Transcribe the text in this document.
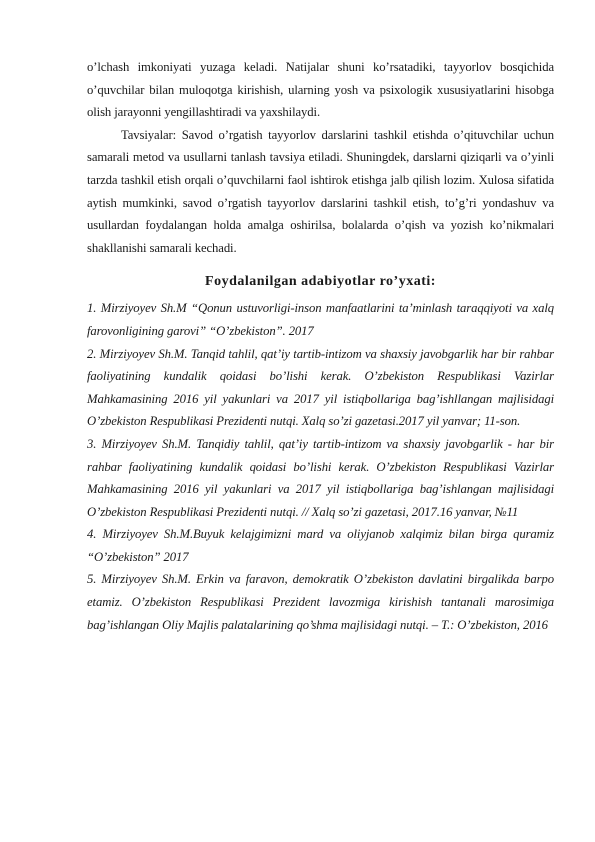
o’lchash imkoniyati yuzaga keladi. Natijalar shuni ko’rsatadiki, tayyorlov bosqichida o’quvchilar bilan muloqotga kirishish, ularning yosh va psixologik xususiyatlarini hisobga olish jarayonni yengillashtiradi va yaxshilaydi.

Tavsiyalar: Savod o’rgatish tayyorlov darslarini tashkil etishda o’qituvchilar uchun samarali metod va usullarni tanlash tavsiya etiladi. Shuningdek, darslarni qiziqarli va o’yinli tarzda tashkil etish orqali o’quvchilarni faol ishtirok etishga jalb qilish lozim. Xulosa sifatida aytish mumkinki, savod o’rgatish tayyorlov darslarini tashkil etish, to’g’ri yondashuv va usullardan foydalangan holda amalga oshirilsa, bolalarda o’qish va yozish ko’nikmalari shakllanishi samarali kechadi.

Foydalanilgan adabiyotlar ro’yxati:

1. Mirziyoyev Sh.M “Qonun ustuvorligi-inson manfaatlarini ta’minlash taraqqiyoti va xalq farovonligining garovi” “O’zbekiston”. 2017

2. Mirziyoyev Sh.M. Tanqid tahlil, qat’iy tartib-intizom va shaxsiy javobgarlik har bir rahbar faoliyatining kundalik qoidasi bo’lishi kerak. O’zbekiston Respublikasi Vazirlar Mahkamasining 2016 yil yakunlari va 2017 yil istiqbollariga bag’ishllangan majlisidagi O’zbekiston Respublikasi Prezidenti nutqi. Xalq so’zi gazetasi.2017 yil yanvar; 11-son.

3. Mirziyoyev Sh.M. Tanqidiy tahlil, qat’iy tartib-intizom va shaxsiy javobgarlik - har bir rahbar faoliyatining kundalik qoidasi bo’lishi kerak. O’zbekiston Respublikasi Vazirlar Mahkamasining 2016 yil yakunlari va 2017 yil istiqbollariga bag’ishlangan majlisidagi O’zbekiston Respublikasi Prezidenti nutqi. // Xalq so’zi gazetasi, 2017.16 yanvar, №11

4. Mirziyoyev Sh.M.Buyuk kelajgimizni mard va oliyjanob xalqimiz bilan birga quramiz “O’zbekiston” 2017

5. Mirziyoyev Sh.M. Erkin va faravon, demokratik O’zbekiston davlatini birgalikda barpo etamiz. O’zbekiston Respublikasi Prezident lavozmiga kirishish tantanali marosimiga bag’ishlangan Oliy Majlis palatalarining qo’shma majlisidagi nutqi. – T.: O’zbekiston, 2016
